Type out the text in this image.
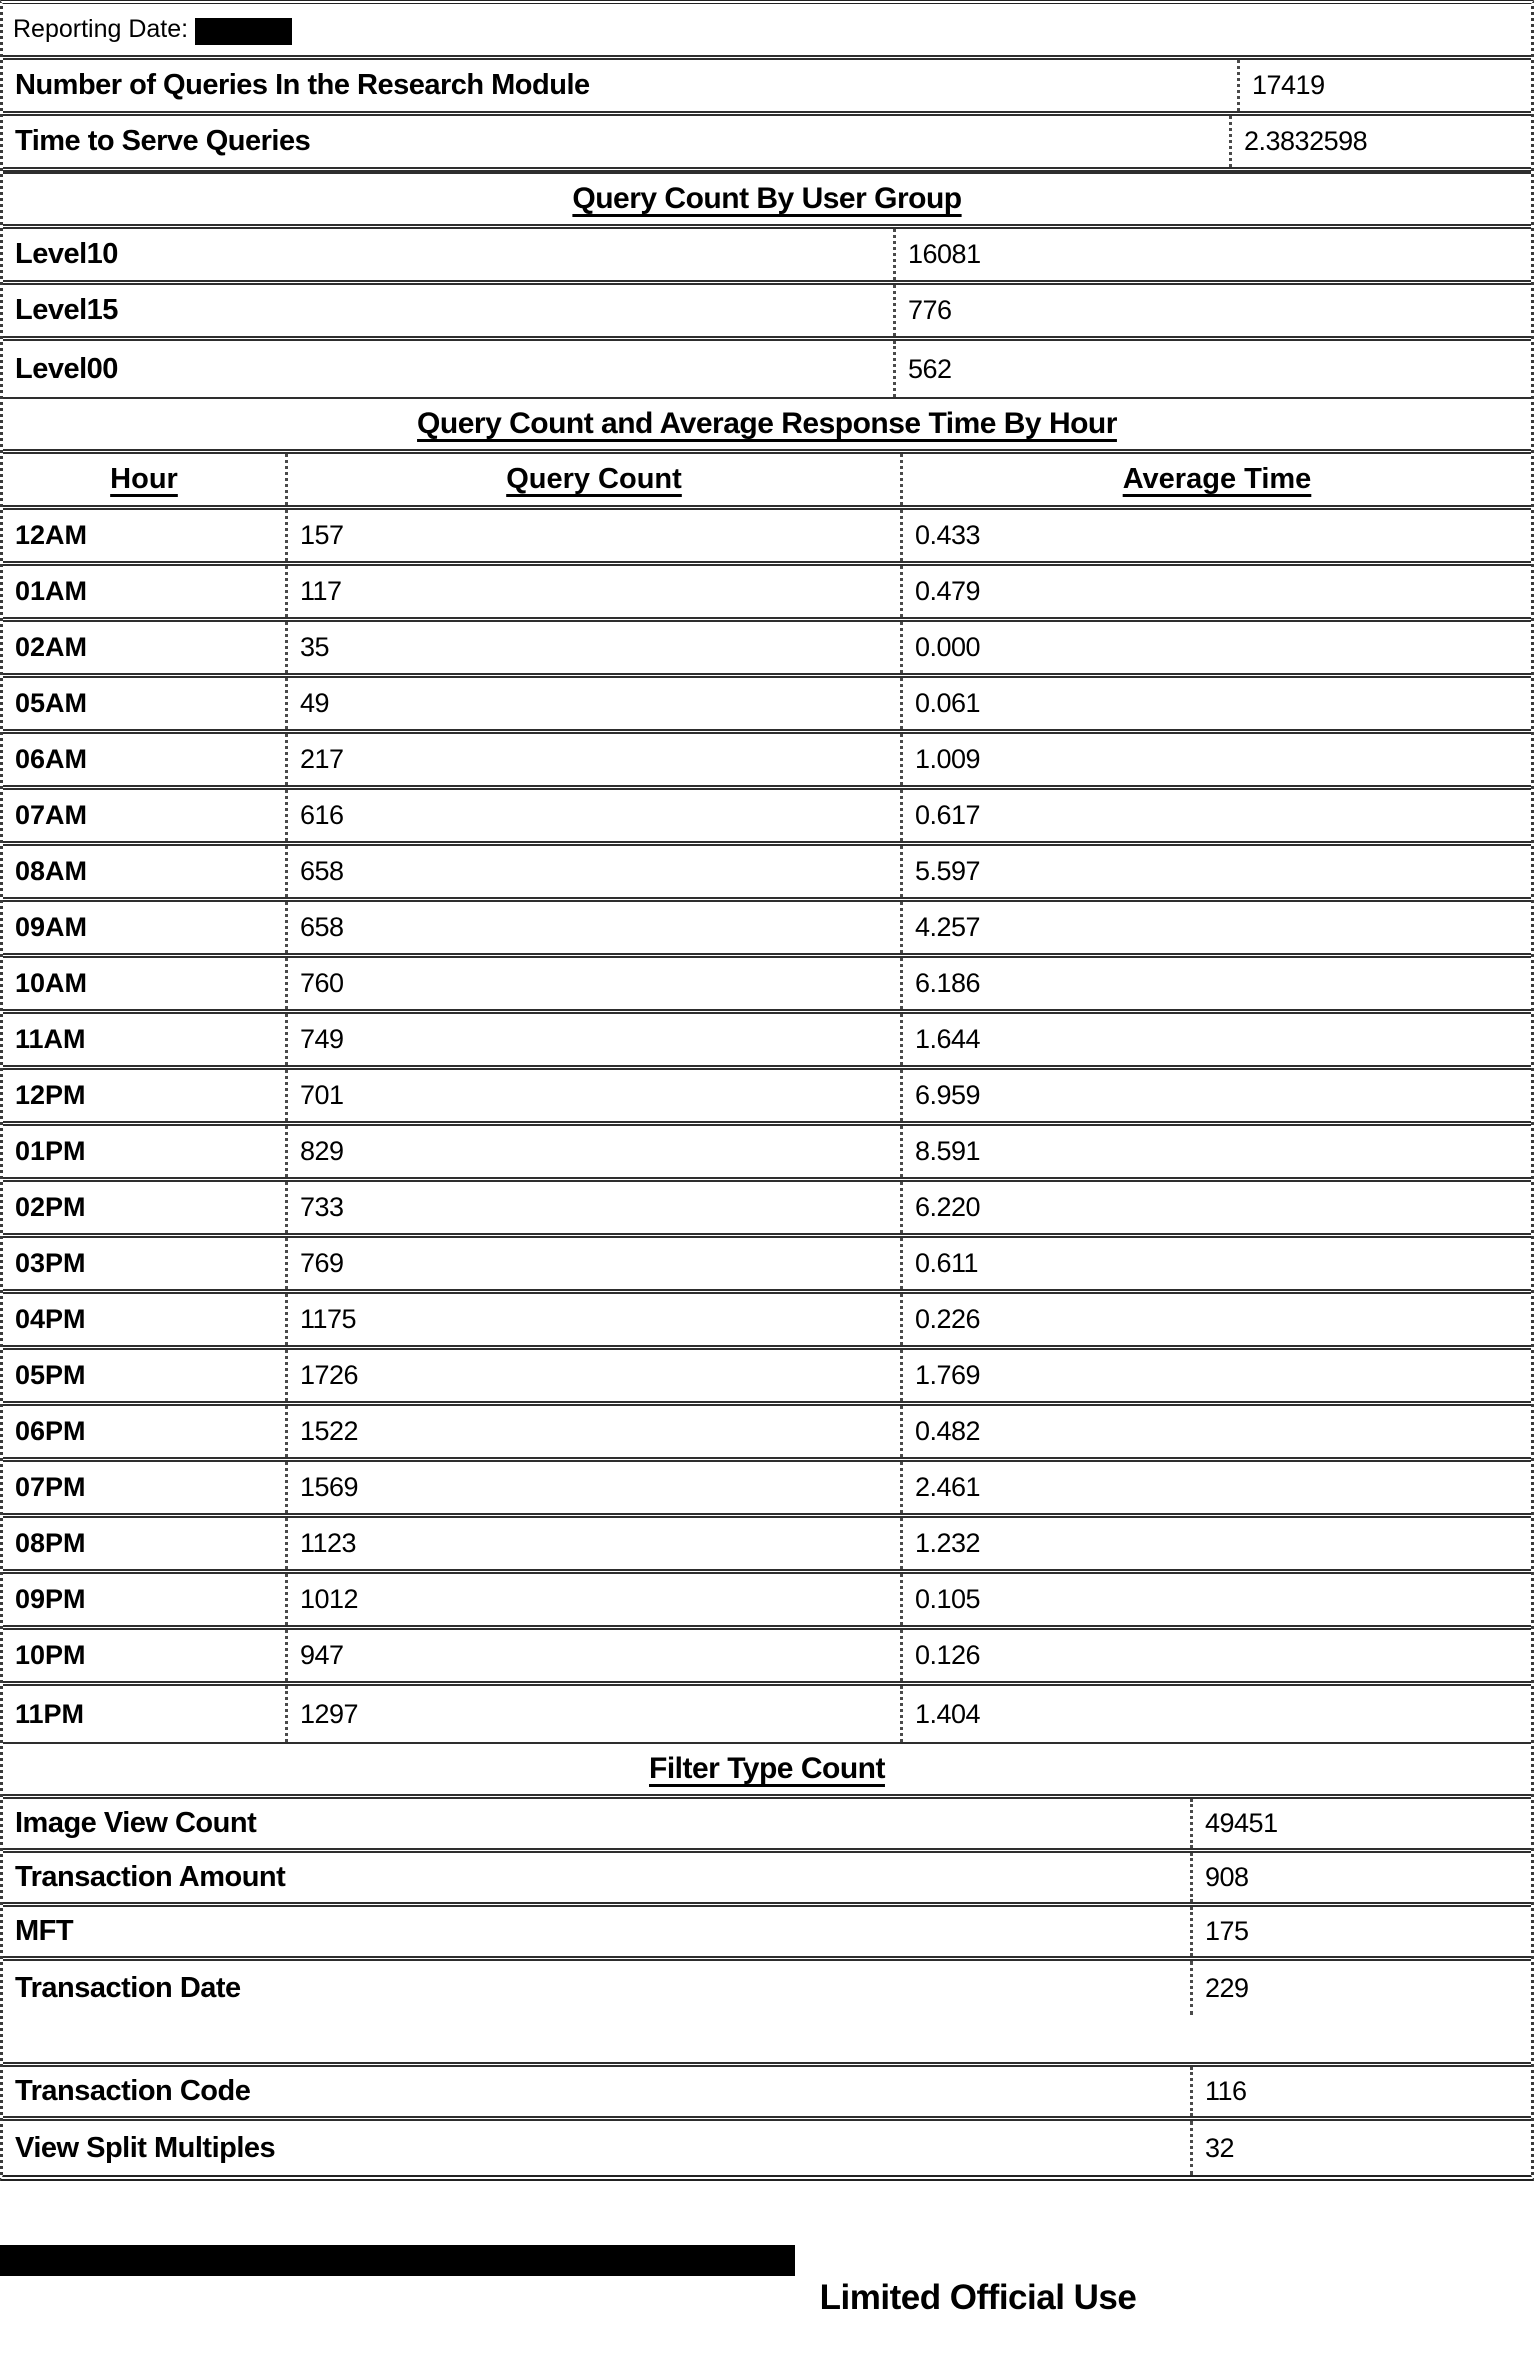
Reporting Date:
Number of Queries In the Research Module	17419
Time to Serve Queries	2.3832598
Query Count By User Group
Level10	16081
Level15	776
Level00	562
Query Count and Average Response Time By Hour
Hour	Query Count	Average Time
12AM	157	0.433
01AM	117	0.479
02AM	35	0.000
05AM	49	0.061
06AM	217	1.009
07AM	616	0.617
08AM	658	5.597
09AM	658	4.257
10AM	760	6.186
11AM	749	1.644
12PM	701	6.959
01PM	829	8.591
02PM	733	6.220
03PM	769	0.611
04PM	1175	0.226
05PM	1726	1.769
06PM	1522	0.482
07PM	1569	2.461
08PM	1123	1.232
09PM	1012	0.105
10PM	947	0.126
11PM	1297	1.404
Filter Type Count
Image View Count	49451
Transaction Amount	908
MFT	175
Transaction Date	229
Transaction Code	116
View Split Multiples	32
Limited Official Use
